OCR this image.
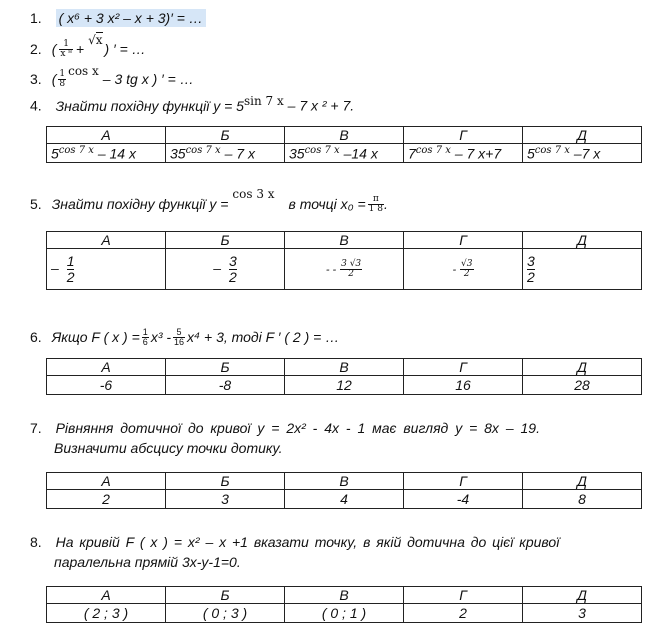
1. ( x⁶ + 3 x² – x + 3)′ = …
2. ( $\frac{1}{\text{x ⁸}}$ +
√x
) ′ = …
3. ( $\frac{1}{8}$ cos x – 3 tg x ) ′ = …
4. Знайти похідну функції $y = 5^{sin 7 x} - 7$ x ² + 7.
А	Б	В	Г	Д
$5^{cos 7 x} - 14$ x	$35^{cos 7 x} - 7$ x	$35^{cos 7 x}$ –14 x	$7^{cos 7 x} - 7$ x+7	$5^{cos 7 x}$ –7 x
5. Знайти похідну функції y =
cos 3 x
в точці $x_0 = \frac{\pi}{1 8}$ .
А	Б	В	Г	Д
– $\frac{1}{2}$	– $\frac{3}{2}$	- - $\frac{3 √3}{2}$	- $\frac{√3}{2}$	$\frac{3}{2}$
6. Якщо F ( x ) = $\frac{1}{6} x^3 - \frac{5}{16} x^4 + 3$, тоді F ′ ( 2 ) = …
А	Б	В	Г	Д
-6	-8	12	16	28
7. Рівняння дотичної до кривої y = 2x² - 4x - 1 має вигляд y = 8x – 19.
Визначити абсцису точки дотику.
А	Б	В	Г	Д
2	3	4	-4	8
8. На кривій F ( x ) = x² – x +1 вказати точку, в якій дотична до цієї кривої
паралельна прямій 3x-y-1=0.
А	Б	В	Г	Д
( 2 ; 3 )	( 0 ; 3 )	( 0 ; 1 )	2	3
